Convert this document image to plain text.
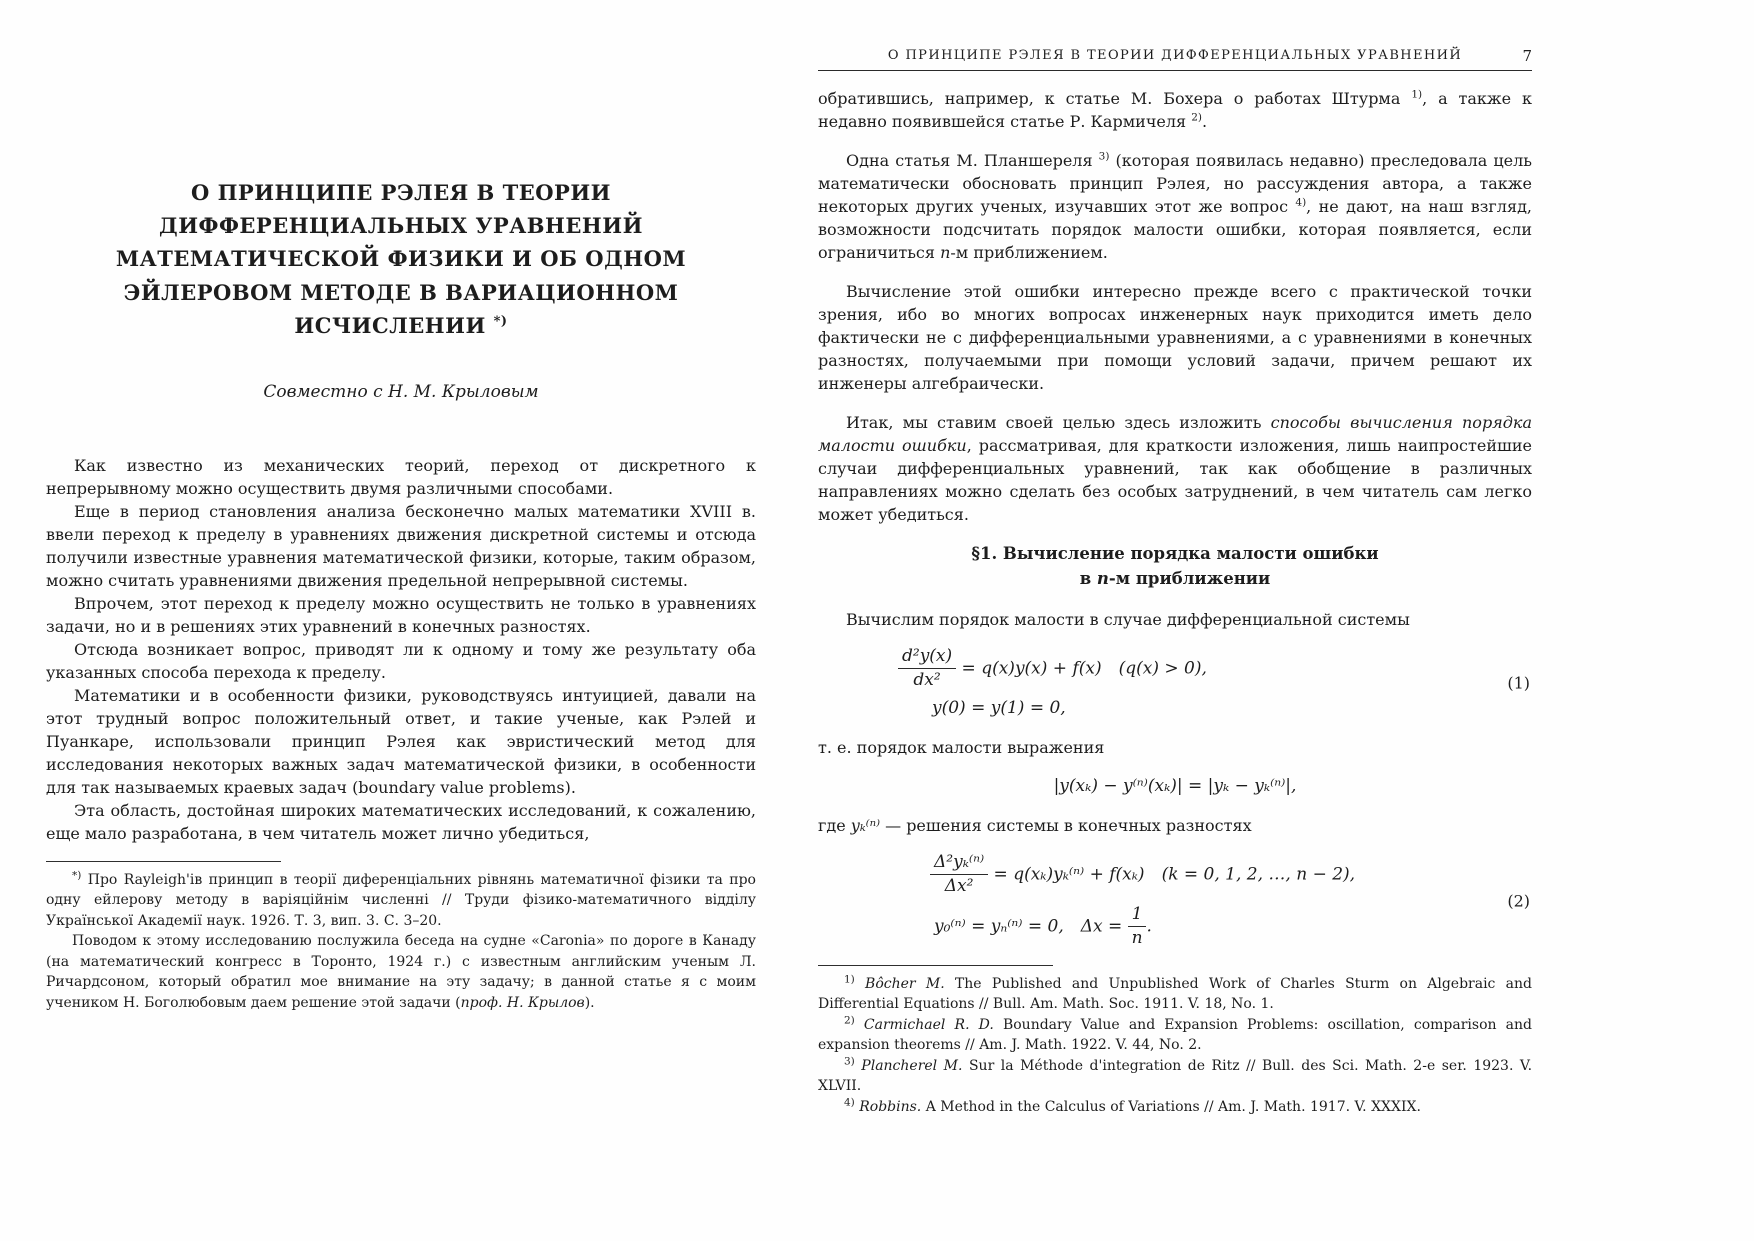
О ПРИНЦИПЕ РЭЛЕЯ В ТЕОРИИ
ДИФФЕРЕНЦИАЛЬНЫХ УРАВНЕНИЙ
МАТЕМАТИЧЕСКОЙ ФИЗИКИ И ОБ ОДНОМ
ЭЙЛЕРОВОМ МЕТОДЕ В ВАРИАЦИОННОМ
ИСЧИСЛЕНИИ *)
Совместно с Н. М. Крыловым

Как известно из механических теорий, переход от дискретного к непрерывному можно осуществить двумя различными способами.

Еще в период становления анализа бесконечно малых математики XVIII в. ввели переход к пределу в уравнениях движения дискретной системы и отсюда получили известные уравнения математической физики, которые, таким образом, можно считать уравнениями движения предельной непрерывной системы.

Впрочем, этот переход к пределу можно осуществить не только в уравнениях задачи, но и в решениях этих уравнений в конечных разностях.

Отсюда возникает вопрос, приводят ли к одному и тому же результату оба указанных способа перехода к пределу.

Математики и в особенности физики, руководствуясь интуицией, давали на этот трудный вопрос положительный ответ, и такие ученые, как Рэлей и Пуанкаре, использовали принцип Рэлея как эвристический метод для исследования некоторых важных задач математической физики, в особенности для так называемых краевых задач (boundary value problems).

Эта область, достойная широких математических исследований, к сожалению, еще мало разработана, в чем читатель может лично убедиться,

*) Про Rayleigh'ів принцип в теорії диференціальних рівнянь математичної фізики та про одну ейлерову методу в варіяційнім численні // Труди фізико-математичного відділу Української Академії наук. 1926. Т. 3, вип. 3. С. 3–20.

Поводом к этому исследованию послужила беседа на судне «Caronia» по дороге в Канаду (на математический конгресс в Торонто, 1924 г.) с известным английским ученым Л. Ричардсоном, который обратил мое внимание на эту задачу; в данной статье я с моим учеником Н. Боголюбовым даем решение этой задачи (проф. Н. Крылов).

О ПРИНЦИПЕ РЭЛЕЯ В ТЕОРИИ ДИФФЕРЕНЦИАЛЬНЫХ УРАВНЕНИЙ	7

обратившись, например, к статье М. Бохера о работах Штурма $^{1)}$, а также к недавно появившейся статье Р. Кармичеля $^{2)}$.

Одна статья М. Планшереля $^{3)}$ (которая появилась недавно) преследовала цель математически обосновать принцип Рэлея, но рассуждения автора, а также некоторых других ученых, изучавших этот же вопрос $^{4)}$, не дают, на наш взгляд, возможности подсчитать порядок малости ошибки, которая появляется, если ограничиться n-м приближением.

Вычисление этой ошибки интересно прежде всего с практической точки зрения, ибо во многих вопросах инженерных наук приходится иметь дело фактически не с дифференциальными уравнениями, а с уравнениями в конечных разностях, получаемыми при помощи условий задачи, причем решают их инженеры алгебраически.

Итак, мы ставим своей целью здесь изложить способы вычисления порядка малости ошибки, рассматривая, для краткости изложения, лишь наипростейшие случаи дифференциальных уравнений, так как обобщение в различных направлениях можно сделать без особых затруднений, в чем читатель сам легко может убедиться.

§1. Вычисление порядка малости ошибки
в n-м приближении

Вычислим порядок малости в случае дифференциальной системы

$\frac{\text{d²y(x)}}{\text{dx²}} = q(x)y(x) + f(x)$ (q(x) > 0),
y(0) = y(1) = 0,
(1)

т. е. порядок малости выражения

|y(xₖ) − y⁽ⁿ⁾(xₖ)| = |yₖ − yₖ⁽ⁿ⁾|,

где yₖ⁽ⁿ⁾ — решения системы в конечных разностях

$\frac{\text{Δ²yₖ⁽ⁿ⁾}}{\text{Δx²}} = q(x_k)y_k^{(n)} + f(x_k)$ (k = 0, 1, 2, …, n − 2),
y₀⁽ⁿ⁾ = yₙ⁽ⁿ⁾ = 0, $\Delta x = \frac{1}{n}$ .
(2)

$^{1)}$ Bôcher M. The Published and Unpublished Work of Charles Sturm on Algebraic and Differential Equations // Bull. Am. Math. Soc. 1911. V. 18, No. 1.

$^{2)}$ Carmichael R. D. Boundary Value and Expansion Problems: oscillation, comparison and expansion theorems // Am. J. Math. 1922. V. 44, No. 2.

$^{3)}$ Plancherel M. Sur la Méthode d'integration de Ritz // Bull. des Sci. Math. 2-e ser. 1923. V. XLVII.

$^{4)}$ Robbins. A Method in the Calculus of Variations // Am. J. Math. 1917. V. XXXIX.
